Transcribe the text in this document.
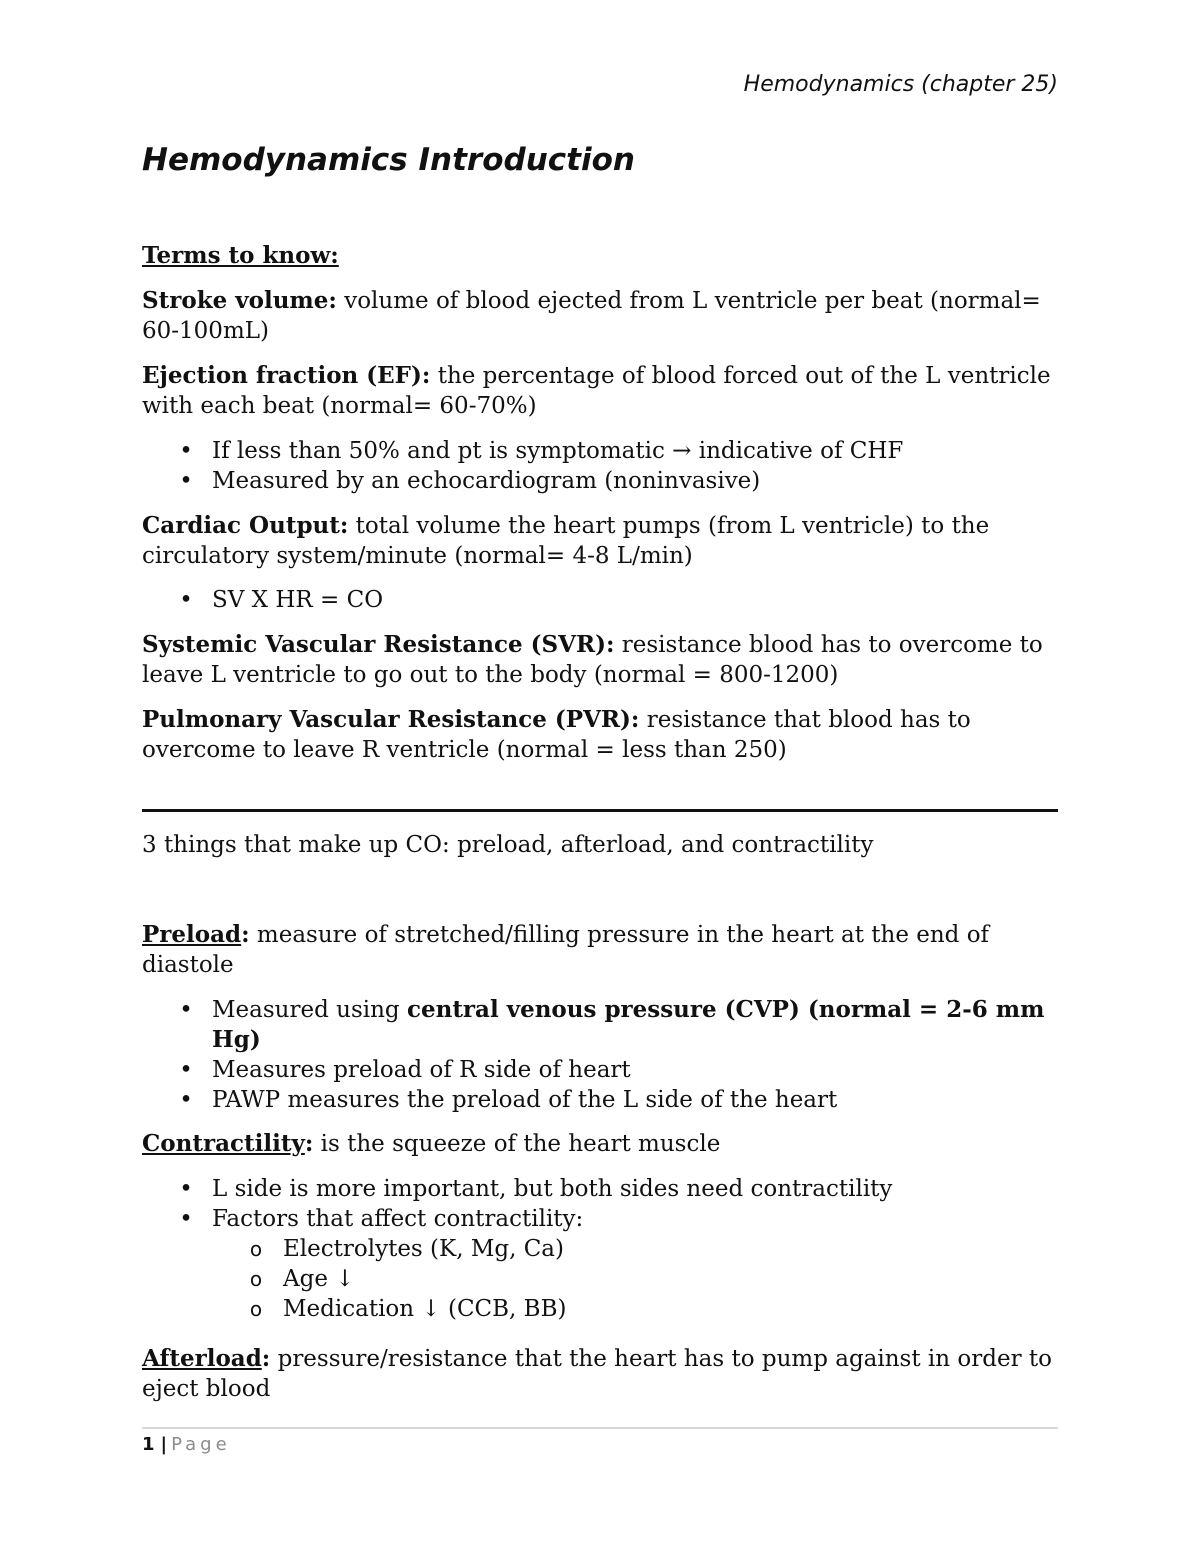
Hemodynamics (chapter 25)
Hemodynamics Introduction

Terms to know:

Stroke volume: volume of blood ejected from L ventricle per beat (normal= 60-100mL)

Ejection fraction (EF): the percentage of blood forced out of the L ventricle with each beat (normal= 60-70%)

• If less than 50% and pt is symptomatic → indicative of CHF
• Measured by an echocardiogram (noninvasive)

Cardiac Output: total volume the heart pumps (from L ventricle) to the circulatory system/minute (normal= 4-8 L/min)

• SV X HR = CO

Systemic Vascular Resistance (SVR): resistance blood has to overcome to leave L ventricle to go out to the body (normal = 800-1200)

Pulmonary Vascular Resistance (PVR): resistance that blood has to overcome to leave R ventricle (normal = less than 250)

3 things that make up CO: preload, afterload, and contractility

Preload: measure of stretched/filling pressure in the heart at the end of diastole

• Measured using central venous pressure (CVP) (normal = 2-6 mm Hg)
• Measures preload of R side of heart
• PAWP measures the preload of the L side of the heart

Contractility: is the squeeze of the heart muscle

• L side is more important, but both sides need contractility
• Factors that affect contractility:
o Electrolytes (K, Mg, Ca)
o Age ↓
o Medication ↓ (CCB, BB)

Afterload: pressure/resistance that the heart has to pump against in order to eject blood

1 | Page
